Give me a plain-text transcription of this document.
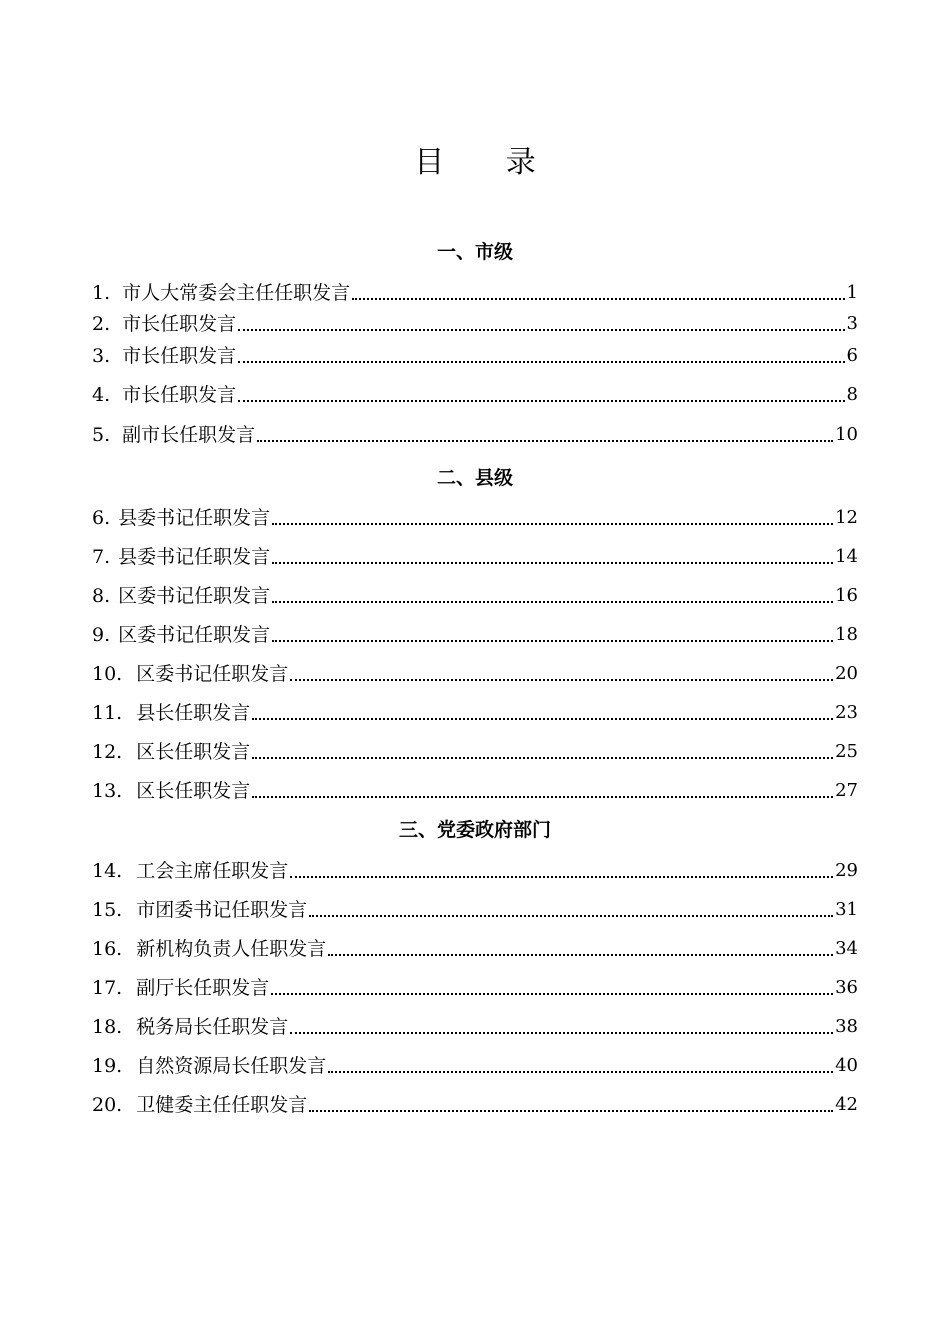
目 录
一、市级
1. 市人大常委会主任任职发言	1
2. 市长任职发言	3
3. 市长任职发言	6
4. 市长任职发言	8
5. 副市长任职发言	10
二、县级
6. 县委书记任职发言	12
7. 县委书记任职发言	14
8. 区委书记任职发言	16
9. 区委书记任职发言	18
10. 区委书记任职发言	20
11. 县长任职发言	23
12. 区长任职发言	25
13. 区长任职发言	27
三、党委政府部门
14. 工会主席任职发言	29
15. 市团委书记任职发言	31
16. 新机构负责人任职发言	34
17. 副厅长任职发言	36
18. 税务局长任职发言	38
19. 自然资源局长任职发言	40
20. 卫健委主任任职发言	42
